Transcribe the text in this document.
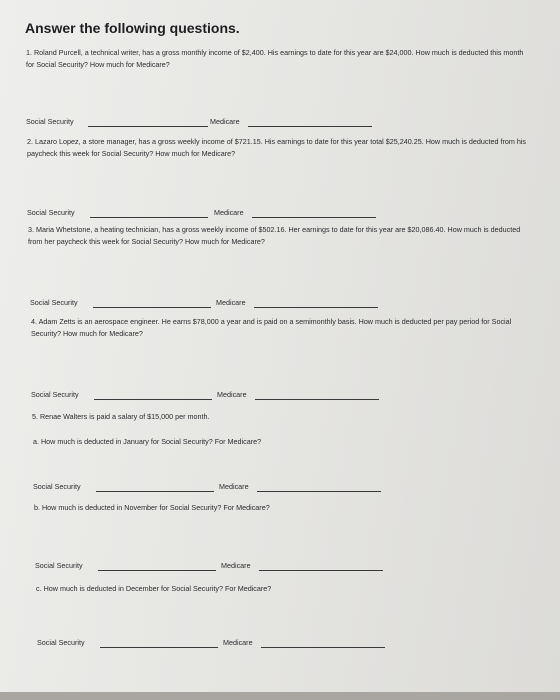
Answer the following questions.

1. Roland Purcell, a technical writer, has a gross monthly income of $2,400. His earnings to date for this year are $24,000. How much is deducted this month for Social Security? How much for Medicare?

Social Security	Medicare

2. Lazaro Lopez, a store manager, has a gross weekly income of $721.15. His earnings to date for this year total $25,240.25. How much is deducted from his paycheck this week for Social Security? How much for Medicare?

Social Security	Medicare

3. Maria Whetstone, a heating technician, has a gross weekly income of $502.16. Her earnings to date for this year are $20,086.40. How much is deducted from her paycheck this week for Social Security? How much for Medicare?

Social Security	Medicare

4. Adam Zetts is an aerospace engineer. He earns $78,000 a year and is paid on a semimonthly basis. How much is deducted per pay period for Social Security? How much for Medicare?

Social Security	Medicare

5. Renae Walters is paid a salary of $15,000 per month.

a. How much is deducted in January for Social Security? For Medicare?

Social Security	Medicare

b. How much is deducted in November for Social Security? For Medicare?

Social Security	Medicare

c. How much is deducted in December for Social Security? For Medicare?

Social Security	Medicare
